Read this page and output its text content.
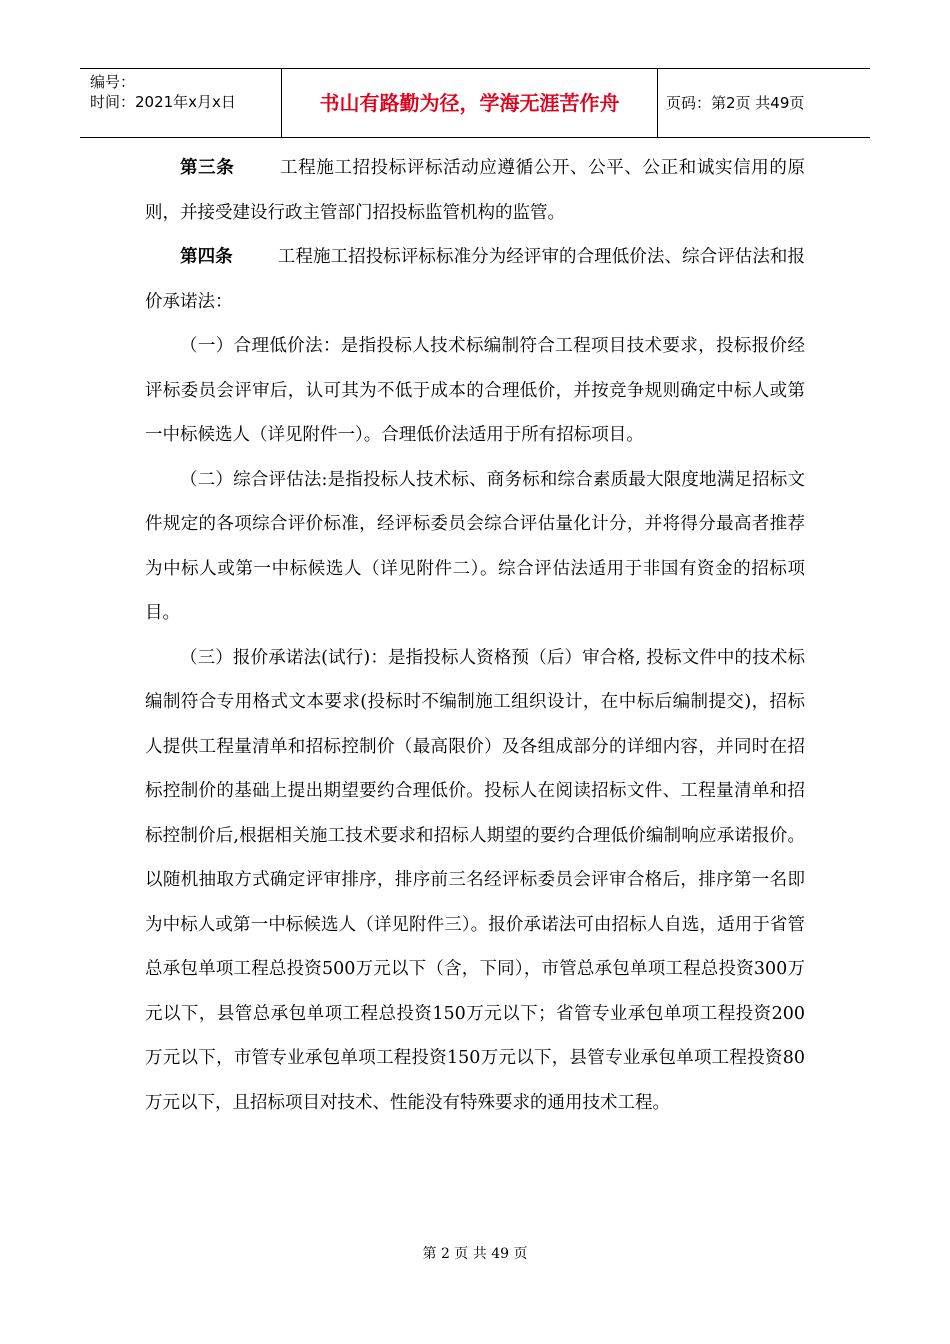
编号：
时间：2021年x月x日	书山有路勤为径，学海无涯苦作舟	页码：第2页 共49页

第三条	工程施工招投标评标活动应遵循公开、公平、公正和诚实信用的原则，并接受建设行政主管部门招投标监管机构的监管。

第四条	工程施工招投标评标标准分为经评审的合理低价法、综合评估法和报价承诺法：

（一）合理低价法：是指投标人技术标编制符合工程项目技术要求，投标报价经评标委员会评审后，认可其为不低于成本的合理低价，并按竞争规则确定中标人或第一中标候选人（详见附件一）。合理低价法适用于所有招标项目。

（二）综合评估法:是指投标人技术标、商务标和综合素质最大限度地满足招标文件规定的各项综合评价标准，经评标委员会综合评估量化计分，并将得分最高者推荐为中标人或第一中标候选人（详见附件二）。综合评估法适用于非国有资金的招标项目。

（三）报价承诺法(试行)：是指投标人资格预（后）审合格, 投标文件中的技术标编制符合专用格式文本要求(投标时不编制施工组织设计，在中标后编制提交)，招标人提供工程量清单和招标控制价（最高限价）及各组成部分的详细内容，并同时在招标控制价的基础上提出期望要约合理低价。投标人在阅读招标文件、工程量清单和招标控制价后,根据相关施工技术要求和招标人期望的要约合理低价编制响应承诺报价。以随机抽取方式确定评审排序，排序前三名经评标委员会评审合格后，排序第一名即为中标人或第一中标候选人（详见附件三）。报价承诺法可由招标人自选，适用于省管总承包单项工程总投资500万元以下（含，下同），市管总承包单项工程总投资300万元以下，县管总承包单项工程总投资150万元以下；省管专业承包单项工程投资200万元以下，市管专业承包单项工程投资150万元以下，县管专业承包单项工程投资80万元以下，且招标项目对技术、性能没有特殊要求的通用技术工程。

第 2 页 共 49 页
